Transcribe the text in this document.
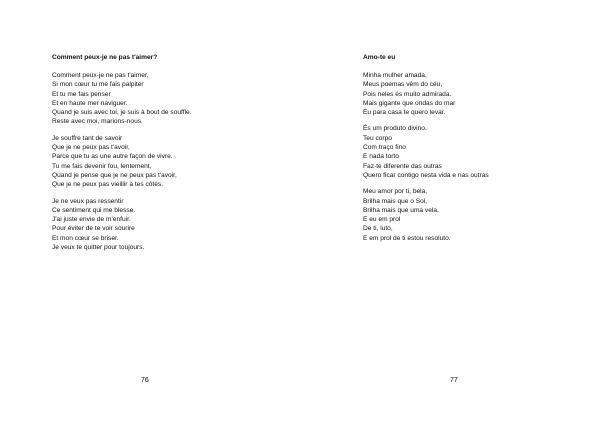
Comment peux-je ne pas t'aimer?
Comment peux-je ne pas t'aimer,
Si mon cœur tu me fais palpiter
Et tu me fais penser
Et en haute mer naviguer.
Quand je suis avec toi, je suis à bout de souffle.
Reste avec moi, marions-nous.
Je souffre tant de savoir
Que je ne peux pas t'avoir,
Parce que tu as une autre façon de vivre.
Tu me fais devenir fou, lentement,
Quand je pense que je ne peux pas t'avoir,
Que je ne peux pas vieillir à tes côtés.
Je ne veux pas ressentir
Ce sentiment qui me blesse.
J'ai juste envie de m'enfuir.
Pour éviter de te voir sourire
Et mon cœur se briser.
Je veux te quitter pour toujours.
76
Amo-te eu
Minha mulher amada,
Meus poemas vêm do céu,
Pois neles és muito admirada.
Mais gigante que ondas do mar
Eu para casa te quero levar.
És um produto divino.
Teu corpo
Com traço fino
E nada torto
Faz-te diferente das outras
Quero ficar contigo nesta vida e nas outras
Meu amor por ti, bela,
Brilha mais que o Sol,
Brilha mais que uma vela.
E eu em prol
De ti, luto,
E em prol de ti estou resoluto.
77
